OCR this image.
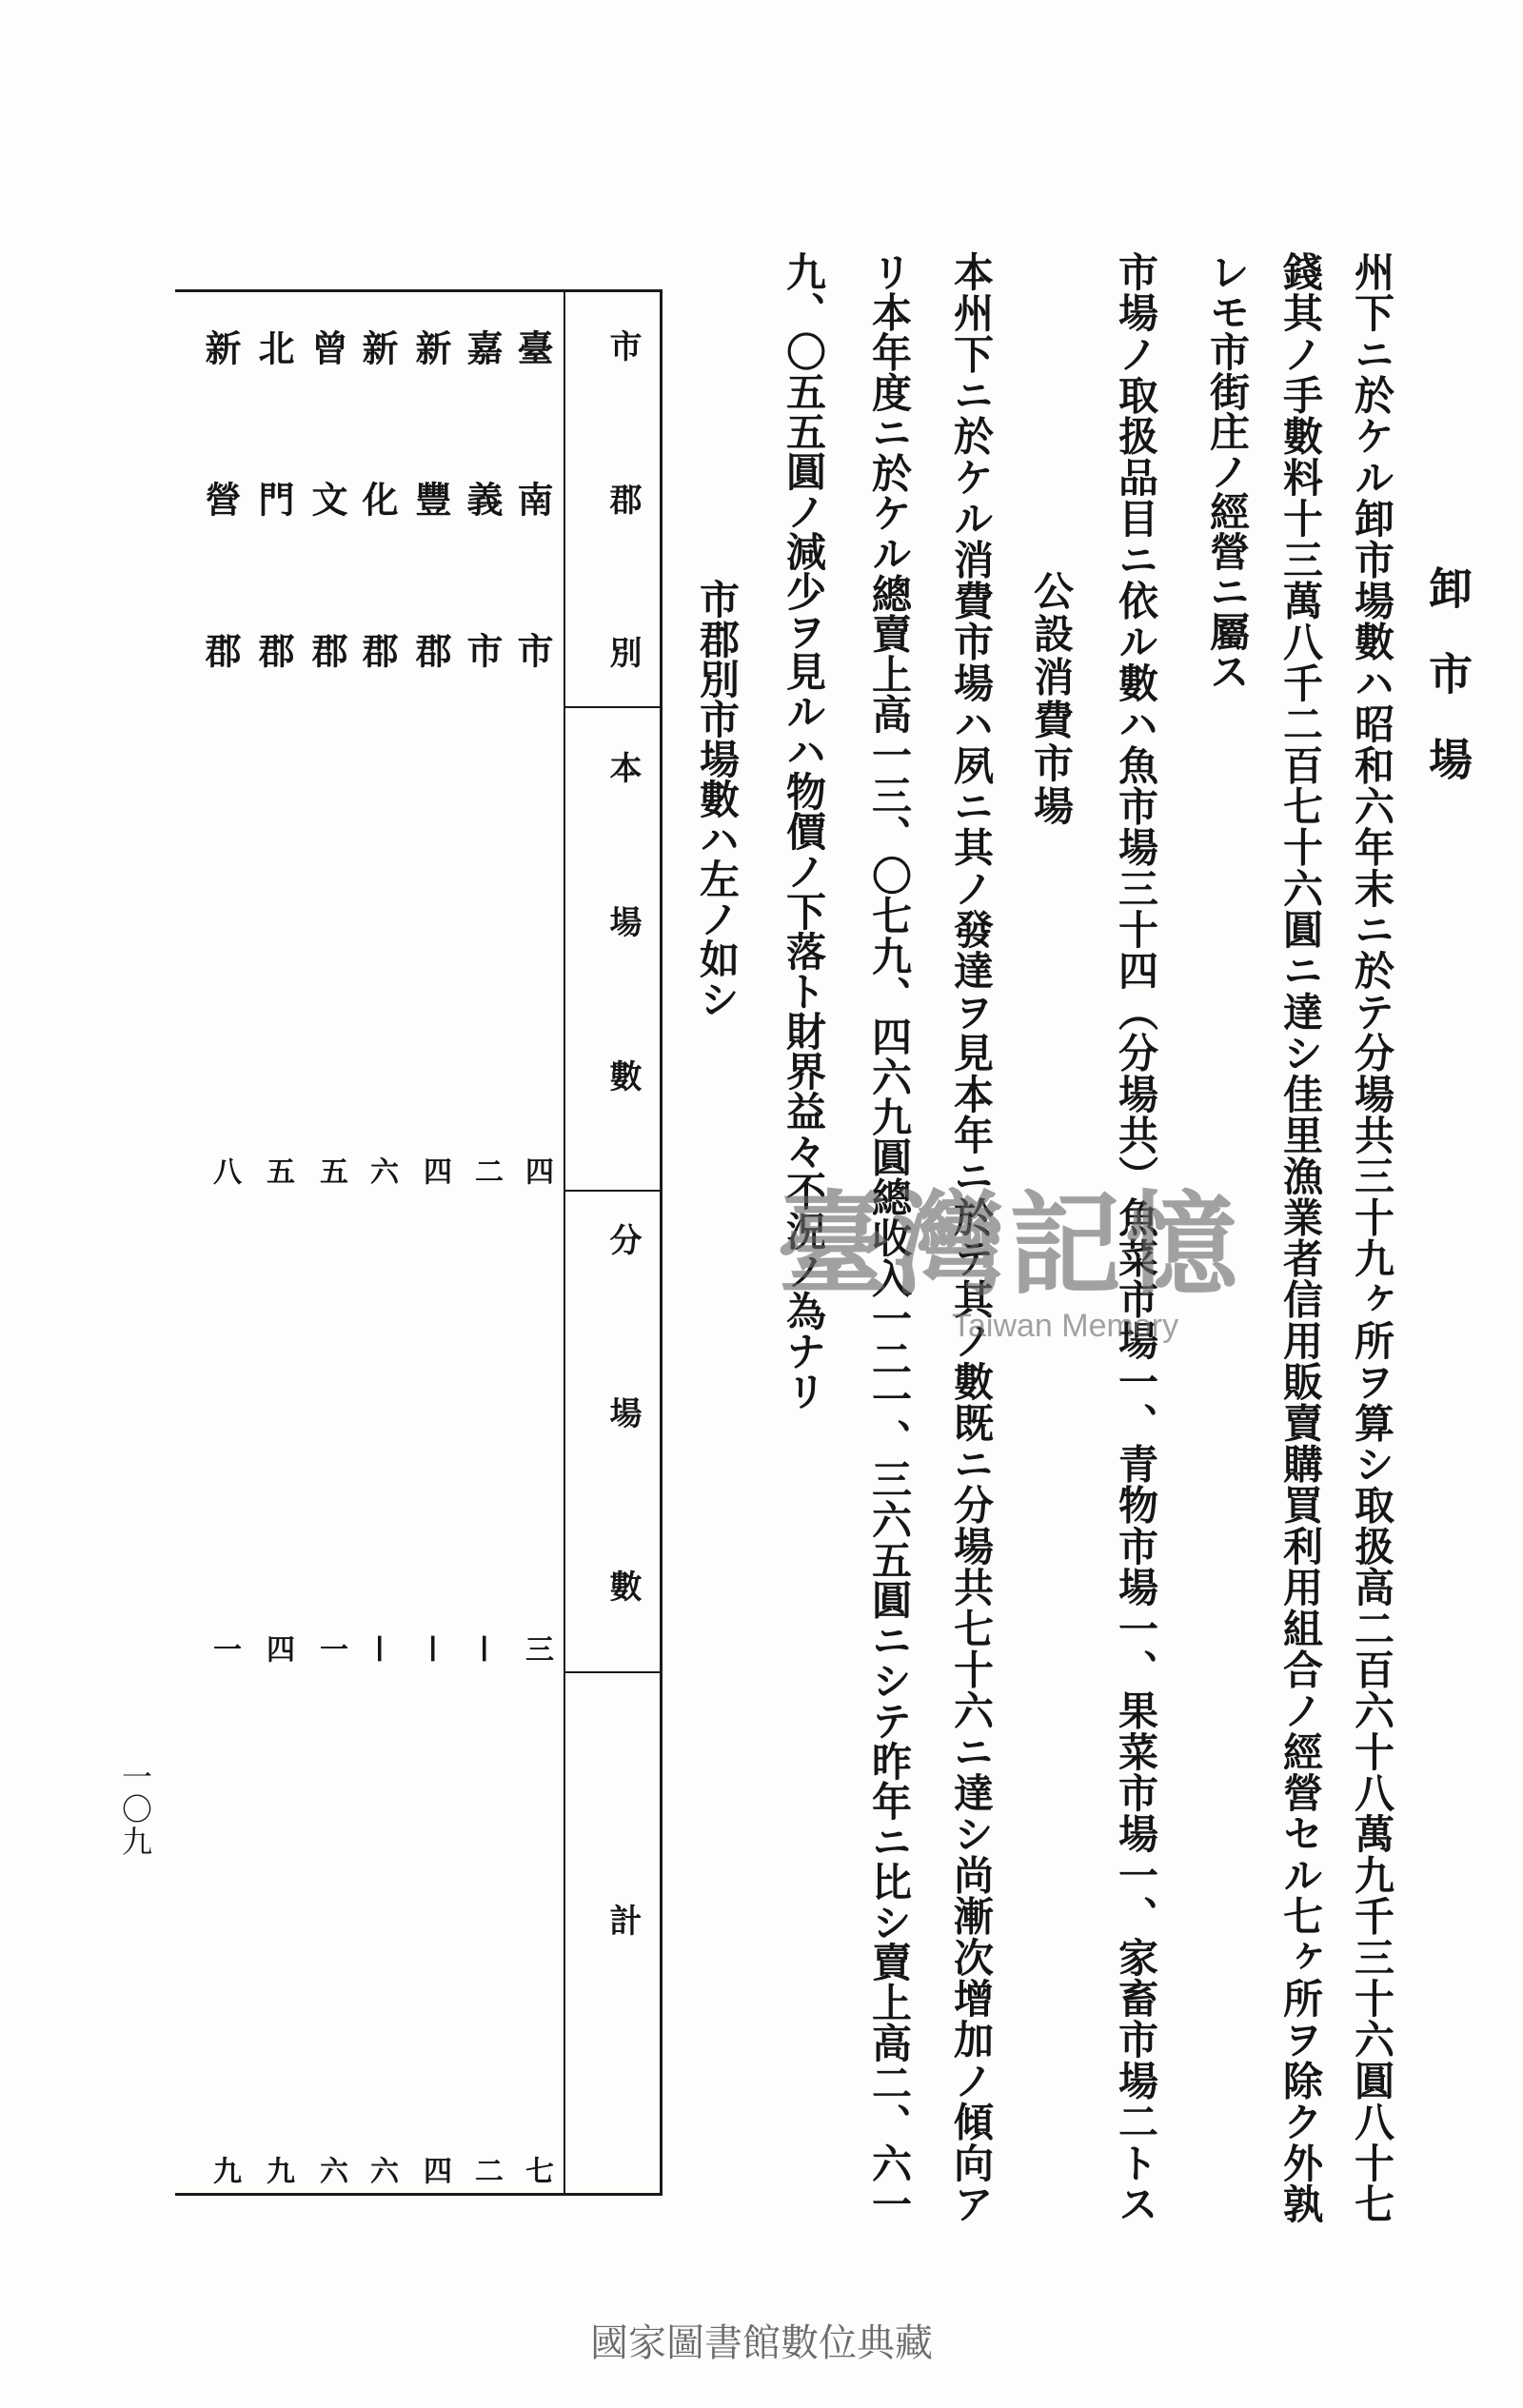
卸市場
州下ニ於ケル卸市場數ハ昭和六年末ニ於テ分場共三十九ヶ所ヲ算シ取扱高二百六十八萬九千三十六圓八十七
錢其ノ手數料十三萬八千二百七十六圓ニ達シ佳里漁業者信用販賣購買利用組合ノ經營セル七ヶ所ヲ除ク外孰
レモ市街庄ノ經營ニ屬ス
市場ノ取扱品目ニ依ル數ハ魚市場三十四（分場共）魚菜市場一、青物市場一、果菜市場一、家畜市場二トス
公設消費市場
本州下ニ於ケル消費市場ハ夙ニ其ノ發達ヲ見本年ニ於テ其ノ數既ニ分場共七十六ニ達シ尚漸次增加ノ傾向ア
リ本年度ニ於ケル總賣上高一三、〇七九、四六九圓總收入一二一、三六五圓ニシテ昨年ニ比シ賣上高二、六一
九、〇五五圓ノ減少ヲ見ルハ物價ノ下落ト財界益々不況ノ為ナリ
市郡別市場數ハ左ノ如シ
市郡別
本場數
分場數
計
臺南市
四
三
七
嘉義市
二
—
二
新豐郡
四
—
四
新化郡
六
—
六
曾文郡
五
一
六
北門郡
五
四
九
新營郡
八
一
九
一〇九
臺灣記憶
Taiwan Memory
國家圖書館數位典藏
